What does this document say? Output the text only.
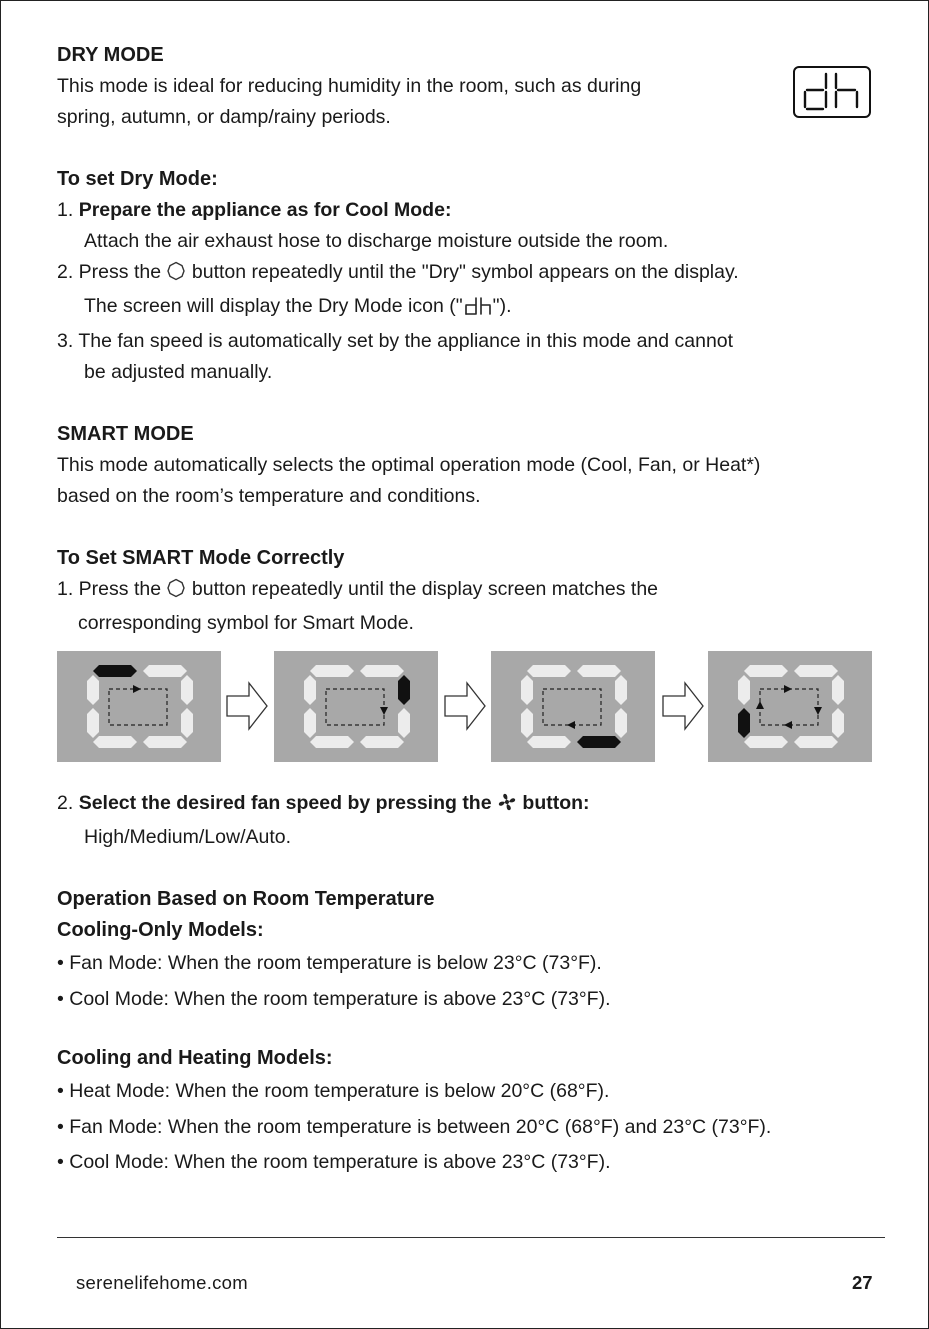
DRY MODE

This mode is ideal for reducing humidity in the room, such as during

spring, autumn, or damp/rainy periods.

To set Dry Mode:

1. Prepare the appliance as for Cool Mode:

Attach the air exhaust hose to discharge moisture outside the room.

2. Press the button repeatedly until the "Dry" symbol appears on the display.

The screen will display the Dry Mode icon (" ").

3. The fan speed is automatically set by the appliance in this mode and cannot

be adjusted manually.

SMART MODE

This mode automatically selects the optimal operation mode (Cool, Fan, or Heat*)

based on the room’s temperature and conditions.

To Set SMART Mode Correctly

1. Press the button repeatedly until the display screen matches the

corresponding symbol for Smart Mode.

2. Select the desired fan speed by pressing the button:

High/Medium/Low/Auto.

Operation Based on Room Temperature

Cooling-Only Models:

• Fan Mode: When the room temperature is below 23°C (73°F).

• Cool Mode: When the room temperature is above 23°C (73°F).

Cooling and Heating Models:

• Heat Mode: When the room temperature is below 20°C (68°F).

• Fan Mode: When the room temperature is between 20°C (68°F) and 23°C (73°F).

• Cool Mode: When the room temperature is above 23°C (73°F).

serenelifehome.com	27
